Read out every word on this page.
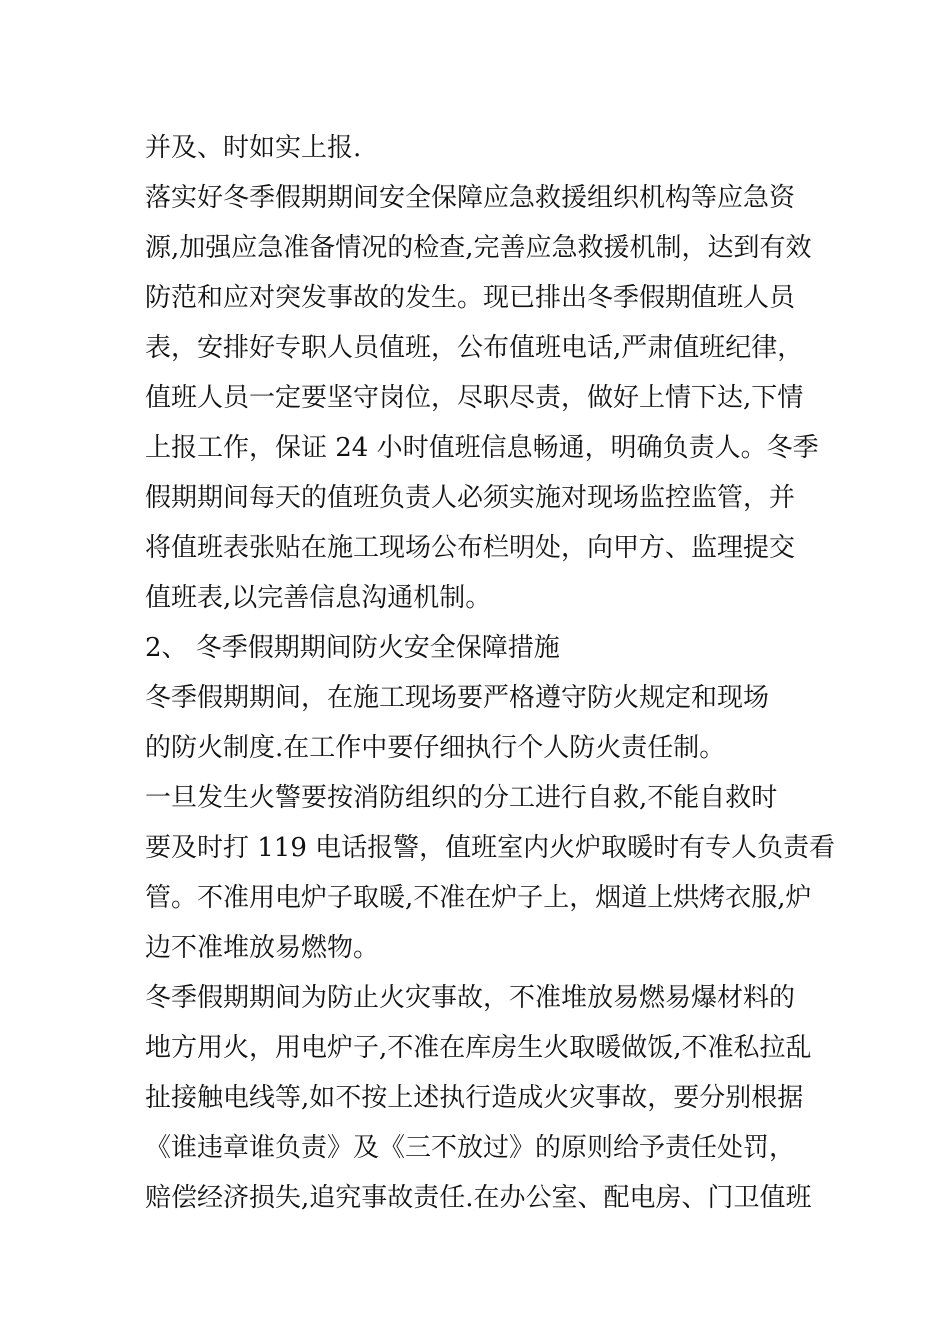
并及、时如实上报.
落实好冬季假期期间安全保障应急救援组织机构等应急资
源,加强应急准备情况的检查,完善应急救援机制，达到有效
防范和应对突发事故的发生。现已排出冬季假期值班人员
表，安排好专职人员值班，公布值班电话,严肃值班纪律，
值班人员一定要坚守岗位，尽职尽责，做好上情下达,下情
上报工作，保证 24 小时值班信息畅通，明确负责人。冬季
假期期间每天的值班负责人必须实施对现场监控监管，并
将值班表张贴在施工现场公布栏明处，向甲方、监理提交
值班表,以完善信息沟通机制。
2、 冬季假期期间防火安全保障措施
冬季假期期间，在施工现场要严格遵守防火规定和现场
的防火制度.在工作中要仔细执行个人防火责任制。
一旦发生火警要按消防组织的分工进行自救,不能自救时
要及时打 119 电话报警，值班室内火炉取暖时有专人负责看
管。不准用电炉子取暖,不准在炉子上，烟道上烘烤衣服,炉
边不准堆放易燃物。
冬季假期期间为防止火灾事故，不准堆放易燃易爆材料的
地方用火，用电炉子,不准在库房生火取暖做饭,不准私拉乱
扯接触电线等,如不按上述执行造成火灾事故，要分别根据
《谁违章谁负责》及《三不放过》的原则给予责任处罚，
赔偿经济损失,追究事故责任.在办公室、配电房、门卫值班
